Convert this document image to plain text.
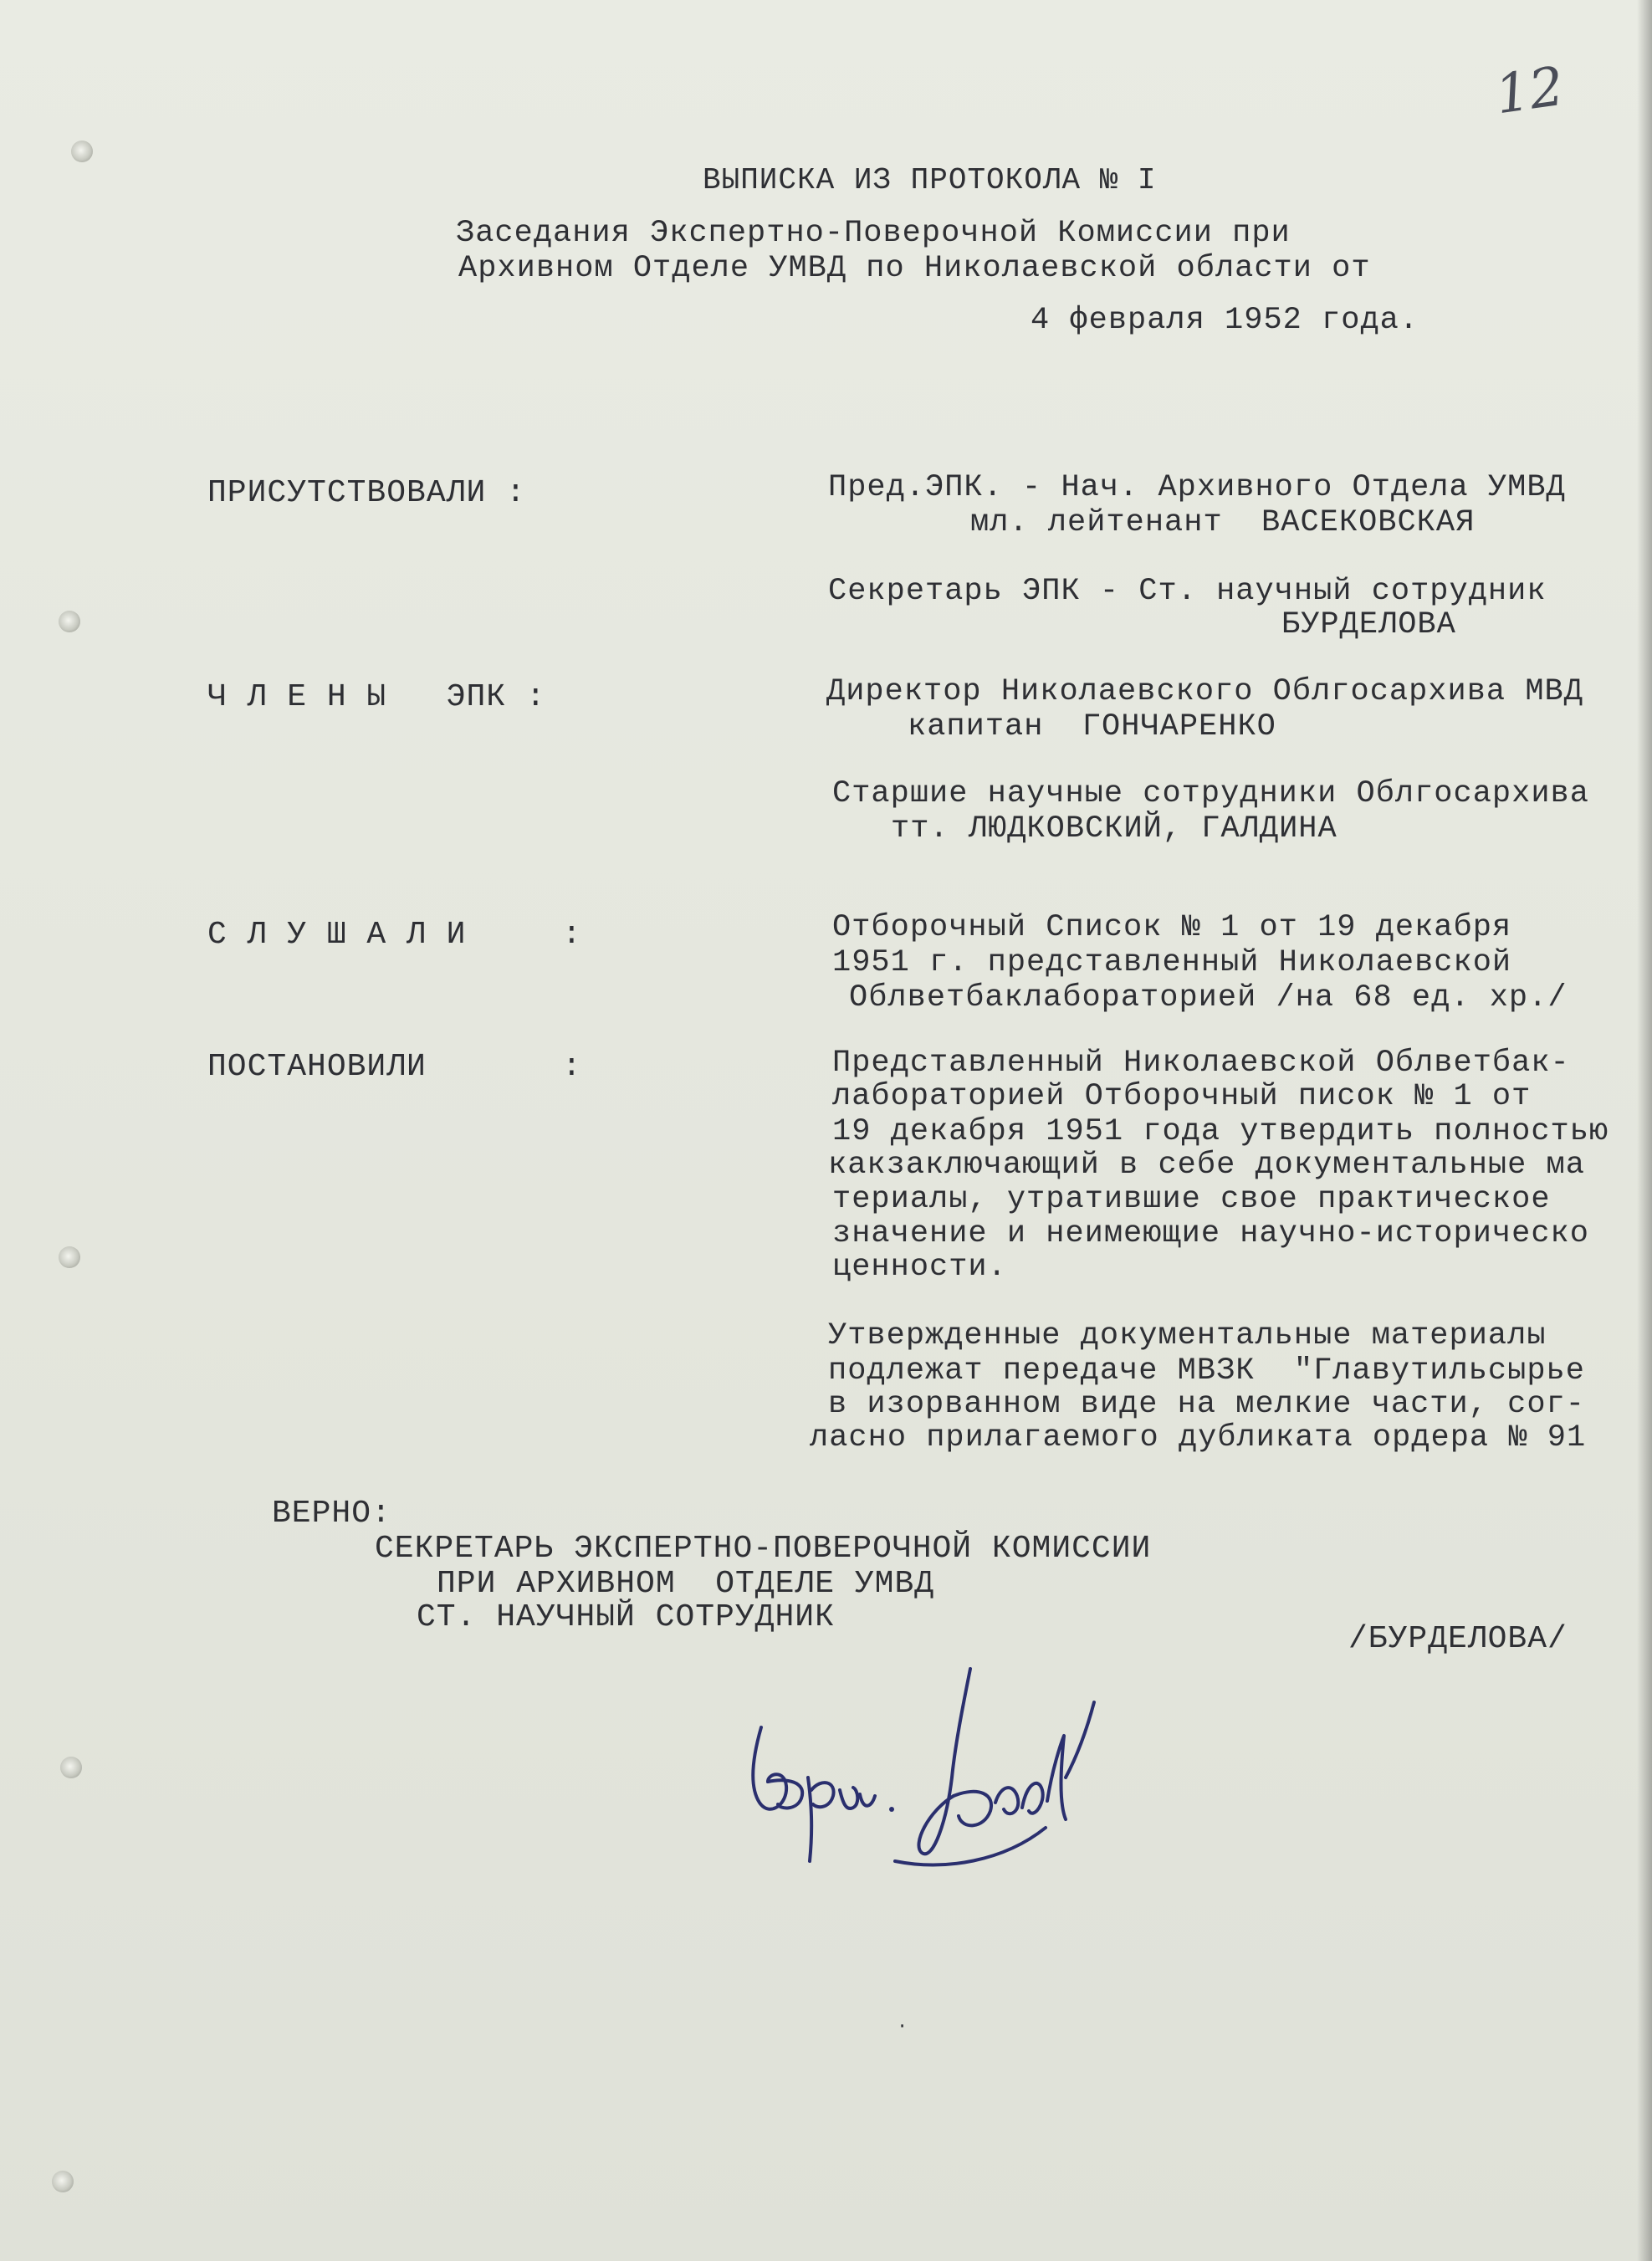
12
ВЫПИСКА ИЗ ПРОТОКОЛА № I
Заседания Экспертно-Поверочной Комиссии при
Архивном Отделе УМВД по Николаевской области от
4 февраля 1952 года.
ПРИСУТСТВОВАЛИ :	Пред.ЭПК. - Нач. Архивного Отдела УМВД
мл. лейтенант  ВАСЕКОВСКАЯ
Секретарь ЭПК - Ст. научный сотрудник
БУРДЕЛОВА
Ч Л Е Н Ы   ЭПК :	Директор Николаевского Облгосархива МВД
капитан  ГОНЧАРЕНКО
Старшие научные сотрудники Облгосархива
тт. ЛЮДКОВСКИЙ, ГАЛДИНА
С Л У Ш А Л И	:	Отборочный Список № 1 от 19 декабря
1951 г. представленный Николаевской
Облветбаклабораторией /на 68 ед. хр./
ПОСТАНОВИЛИ	:	Представленный Николаевской Облветбак-
лабораторией Отборочный писок № 1 от
19 декабря 1951 года утвердить полностью
какзаключающий в себе документальные ма
териалы, утратившие свое практическое
значение и неимеющие научно-историческо
ценности.
Утвержденные документальные материалы
подлежат передаче МВЗК  "Главутильсырье
в изорванном виде на мелкие части, сог-
ласно прилагаемого дубликата ордера № 91
ВЕРНО:
СЕКРЕТАРЬ ЭКСПЕРТНО-ПОВЕРОЧНОЙ КОМИССИИ
ПРИ АРХИВНОМ  ОТДЕЛЕ УМВД
СТ. НАУЧНЫЙ СОТРУДНИК
/БУРДЕЛОВА/
·
